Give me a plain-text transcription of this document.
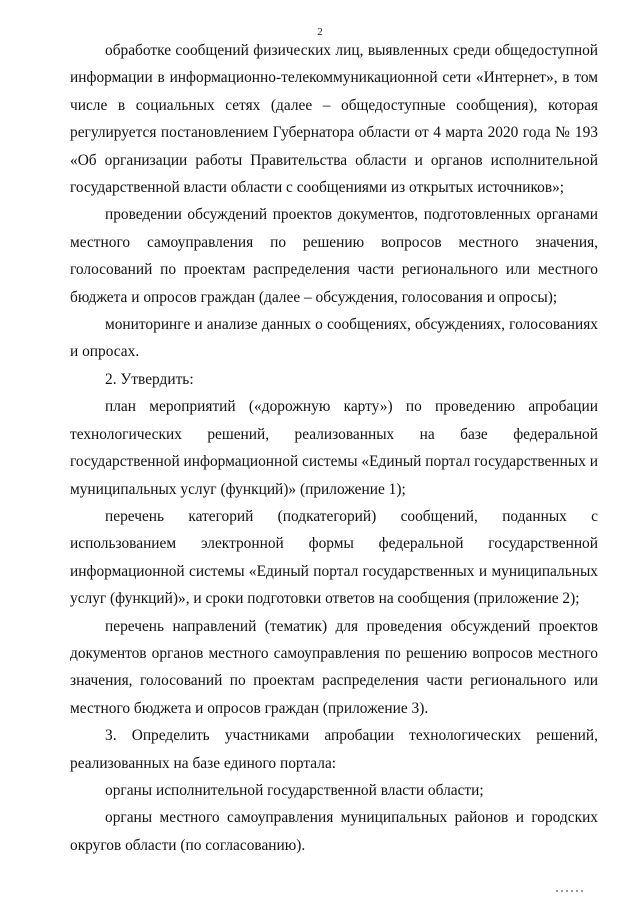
2

обработке сообщений физических лиц, выявленных среди общедоступной информации в информационно-телекоммуникационной сети «Интернет», в том числе в социальных сетях (далее – общедоступные сообщения), которая регулируется постановлением Губернатора области от 4 марта 2020 года № 193 «Об организации работы Правительства области и органов исполнительной государственной власти области с сообщениями из открытых источников»;

проведении обсуждений проектов документов, подготовленных органами местного самоуправления по решению вопросов местного значения, голосований по проектам распределения части регионального или местного бюджета и опросов граждан (далее – обсуждения, голосования и опросы);

мониторинге и анализе данных о сообщениях, обсуждениях, голосованиях и опросах.

2. Утвердить:

план мероприятий («дорожную карту») по проведению апробации технологических решений, реализованных на базе федеральной государственной информационной системы «Единый портал государственных и муниципальных услуг (функций)» (приложение 1);

перечень категорий (подкатегорий) сообщений, поданных с использованием электронной формы федеральной государственной информационной системы «Единый портал государственных и муниципальных услуг (функций)», и сроки подготовки ответов на сообщения (приложение 2);

перечень направлений (тематик) для проведения обсуждений проектов документов органов местного самоуправления по решению вопросов местного значения, голосований по проектам распределения части регионального или местного бюджета и опросов граждан (приложение 3).

3. Определить участниками апробации технологических решений, реализованных на базе единого портала:

органы исполнительной государственной власти области;

органы местного самоуправления муниципальных районов и городских округов области (по согласованию).
